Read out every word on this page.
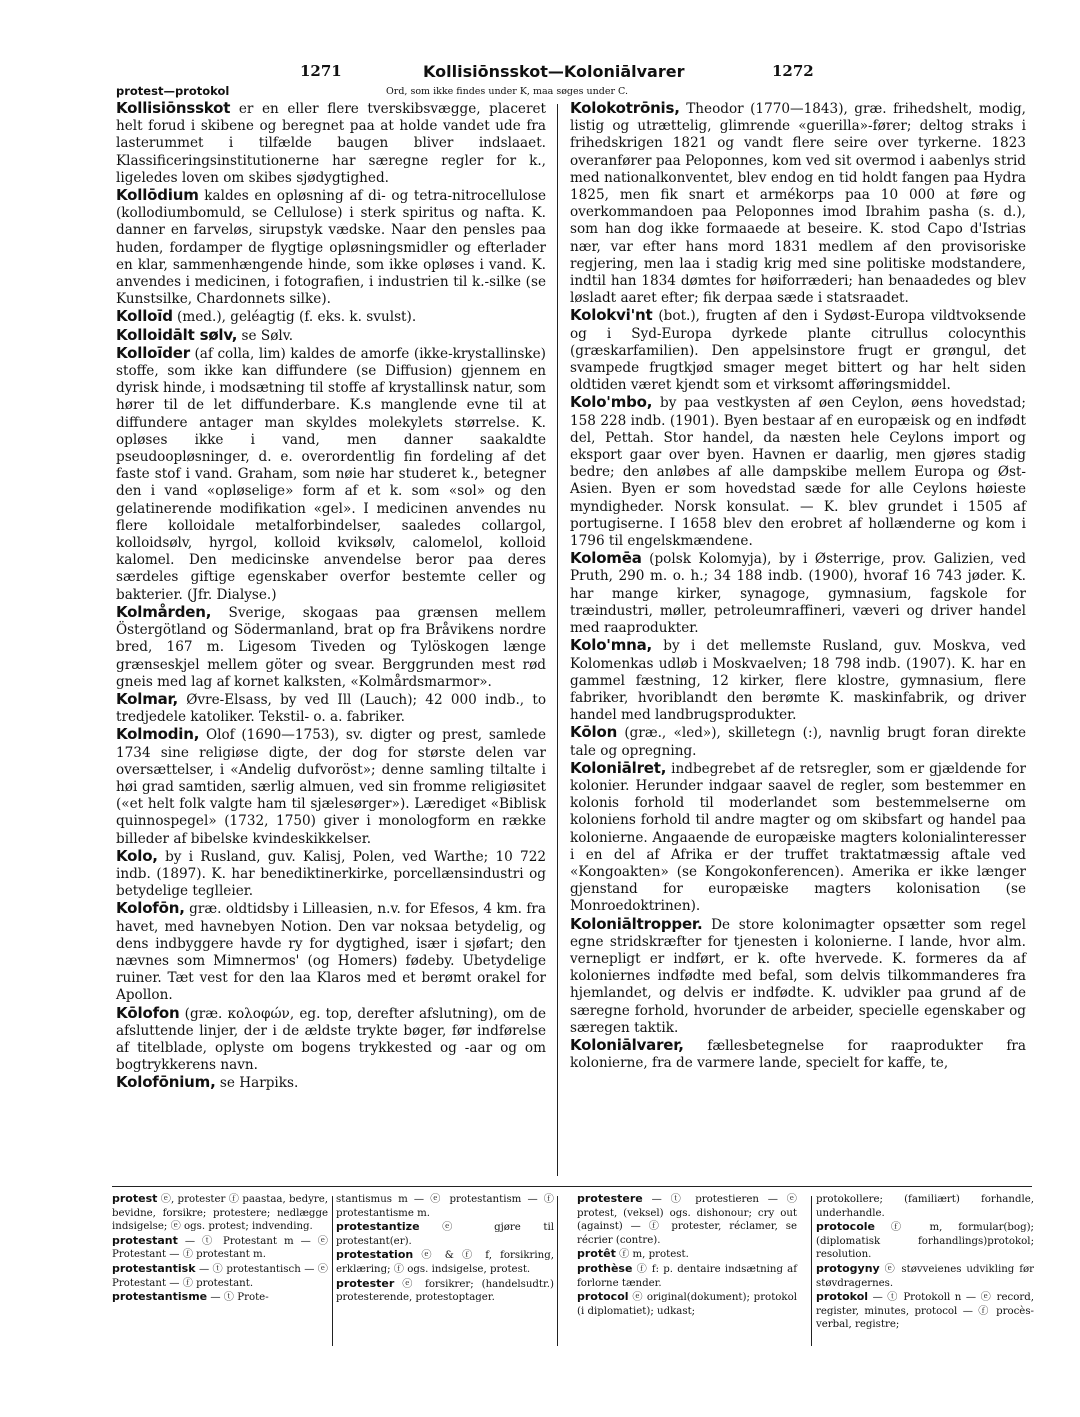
1271	Kollisiōnsskot—Koloniālvarer	1272
protest—protokol	Ord, som ikke findes under K, maa søges under C.

Kollisiōnsskot er en eller flere tverskibsvægge, placeret helt forud i skibene og beregnet paa at holde vandet ude fra lasterummet i tilfælde baugen bliver indslaaet. Klassificeringsinstitutionerne har særegne regler for k., ligeledes loven om skibes sjødygtighed.

Kollōdium kaldes en opløsning af di- og tetra-nitrocellulose (kollodiumbomuld, se Cellulose) i sterk spiritus og nafta. K. danner en farveløs, sirupstyk vædske. Naar den pensles paa huden, fordamper de flygtige opløsningsmidler og efterlader en klar, sammenhængende hinde, som ikke opløses i vand. K. anvendes i medicinen, i fotografien, i industrien til k.-silke (se Kunstsilke, Chardonnets silke).

Kolloīd (med.), geléagtig (f. eks. k. svulst).

Kolloidālt sølv, se Sølv.

Kolloīder (af colla, lim) kaldes de amorfe (ikke-krystallinske) stoffe, som ikke kan diffundere (se Diffusion) gjennem en dyrisk hinde, i modsætning til stoffe af krystallinsk natur, som hører til de let diffunderbare. K.s manglende evne til at diffundere antager man skyldes molekylets størrelse. K. opløses ikke i vand, men danner saakaldte pseudoopløsninger, d. e. overordentlig fin fordeling af det faste stof i vand. Graham, som nøie har studeret k., betegner den i vand «opløselige» form af et k. som «sol» og den gelatinerende modifikation «gel». I medicinen anvendes nu flere kolloidale metalforbindelser, saaledes collargol, kolloidsølv, hyrgol, kolloid kviksølv, calomelol, kolloid kalomel. Den medicinske anvendelse beror paa deres særdeles giftige egenskaber overfor bestemte celler og bakterier. (Jfr. Dialyse.)

Kolmården, Sverige, skogaas paa grænsen mellem Östergötland og Södermanland, brat op fra Bråvikens nordre bred, 167 m. Ligesom Tiveden og Tylöskogen længe grænseskjel mellem göter og svear. Berggrunden mest rød gneis med lag af kornet kalksten, «Kolmårdsmarmor».

Kolmar, Øvre-Elsass, by ved Ill (Lauch); 42 000 indb., to tredjedele katoliker. Tekstil- o. a. fabriker.

Kolmodin, Olof (1690—1753), sv. digter og prest, samlede 1734 sine religiøse digte, der dog for største delen var oversættelser, i «Andelig dufvoröst»; denne samling tiltalte i høi grad samtiden, særlig almuen, ved sin fromme religiøsitet («et helt folk valgte ham til sjælesørger»). Lærediget «Biblisk quinnospegel» (1732, 1750) giver i monologform en række billeder af bibelske kvindeskikkelser.

Kolo, by i Rusland, guv. Kalisj, Polen, ved Warthe; 10 722 indb. (1897). K. har benediktinerkirke, porcellænsindustri og betydelige teglleier.

Kolofōn, græ. oldtidsby i Lilleasien, n.v. for Efesos, 4 km. fra havet, med havnebyen Notion. Den var noksaa betydelig, og dens indbyggere havde ry for dygtighed, især i sjøfart; den nævnes som Mimnermos' (og Homers) fødeby. Ubetydelige ruiner. Tæt vest for den laa Klaros med et berømt orakel for Apollon.

Kōlofon (græ. κολοφών, eg. top, derefter afslutning), om de afsluttende linjer, der i de ældste trykte bøger, før indførelse af titelblade, oplyste om bogens trykkested og -aar og om bogtrykkerens navn.

Kolofōnium, se Harpiks.

Kolokotrōnis, Theodor (1770—1843), græ. frihedshelt, modig, listig og utrættelig, glimrende «guerilla»-fører; deltog straks i frihedskrigen 1821 og vandt flere seire over tyrkerne. 1823 overanfører paa Peloponnes, kom ved sit overmod i aabenlys strid med nationalkonventet, blev endog en tid holdt fangen paa Hydra 1825, men fik snart et armékorps paa 10 000 at føre og overkommandoen paa Peloponnes imod Ibrahim pasha (s. d.), som han dog ikke formaaede at beseire. K. stod Capo d'Istrias nær, var efter hans mord 1831 medlem af den provisoriske regjering, men laa i stadig krig med sine politiske modstandere, indtil han 1834 dømtes for høiforræderi; han benaadedes og blev løsladt aaret efter; fik derpaa sæde i statsraadet.

Kolokvi'nt (bot.), frugten af den i Sydøst-Europa vildtvoksende og i Syd-Europa dyrkede plante citrullus colocynthis (græskarfamilien). Den appelsinstore frugt er grøngul, det svampede frugtkjød smager meget bittert og har helt siden oldtiden været kjendt som et virksomt afføringsmiddel.

Kolo'mbo, by paa vestkysten af øen Ceylon, øens hovedstad; 158 228 indb. (1901). Byen bestaar af en europæisk og en indfødt del, Pettah. Stor handel, da næsten hele Ceylons import og eksport gaar over byen. Havnen er daarlig, men gjøres stadig bedre; den anløbes af alle dampskibe mellem Europa og Øst-Asien. Byen er som hovedstad sæde for alle Ceylons høieste myndigheder. Norsk konsulat. — K. blev grundet i 1505 af portugiserne. I 1658 blev den erobret af hollænderne og kom i 1796 til engelskmændene.

Kolomēa (polsk Kolomyja), by i Østerrige, prov. Galizien, ved Pruth, 290 m. o. h.; 34 188 indb. (1900), hvoraf 16 743 jøder. K. har mange kirker, synagoge, gymnasium, fagskole for træindustri, møller, petroleumraffineri, væveri og driver handel med raaprodukter.

Kolo'mna, by i det mellemste Rusland, guv. Moskva, ved Kolomenkas udløb i Moskvaelven; 18 798 indb. (1907). K. har en gammel fæstning, 12 kirker, flere klostre, gymnasium, flere fabriker, hvoriblandt den berømte K. maskinfabrik, og driver handel med landbrugsprodukter.

Kōlon (græ., «led»), skilletegn (:), navnlig brugt foran direkte tale og opregning.

Koloniālret, indbegrebet af de retsregler, som er gjældende for kolonier. Herunder indgaar saavel de regler, som bestemmer en kolonis forhold til moderlandet som bestemmelserne om koloniens forhold til andre magter og om skibsfart og handel paa kolonierne. Angaaende de europæiske magters kolonialinteresser i en del af Afrika er der truffet traktatmæssig aftale ved «Kongoakten» (se Kongokonferencen). Amerika er ikke længer gjenstand for europæiske magters kolonisation (se Monroedoktrinen).

Koloniāltropper. De store kolonimagter opsætter som regel egne stridskræfter for tjenesten i kolonierne. I lande, hvor alm. vernepligt er indført, er k. ofte hvervede. K. formeres da af koloniernes indfødte med befal, som delvis tilkommanderes fra hjemlandet, og delvis er indfødte. K. udvikler paa grund af de særegne forhold, hvorunder de arbeider, specielle egenskaber og særegen taktik.

Koloniālvarer, fællesbetegnelse for raaprodukter fra kolonierne, fra de varmere lande, specielt for kaffe, te,

protest ⓔ, protester ⓕ paastaa, bedyre, bevidne, forsikre; protestere; nedlægge indsigelse; ⓔ ogs. protest; indvending.

protestant — ⓣ Protestant m — ⓔ Protestant — ⓕ protestant m.

protestantisk — ⓣ protestantisch — ⓔ Protestant — ⓕ protestant.

protestantisme — ⓣ Prote-

stantismus m — ⓔ protestantism — ⓕ protestantisme m.

protestantize ⓔ gjøre til protestant(er).

protestation ⓔ & ⓕ f, forsikring, erklæring; ⓕ ogs. indsigelse, protest.

protester ⓔ forsikrer; (handelsudtr.) protesterende, protestoptager.

protestere — ⓣ protestieren — ⓔ protest, (veksel) ogs. dishonour; cry out (against) — ⓕ protester, réclamer, se récrier (contre).

protêt ⓕ m, protest.

prothèse ⓕ f: p. dentaire indsætning af forlorne tænder.

protocol ⓔ original(dokument); protokol (i diplomatiet); udkast;

protokollere; (familiært) forhandle, underhandle.

protocole ⓕ m, formular(bog); (diplomatisk forhandlings)protokol; resolution.

protogyny ⓔ støvveienes udvikling før støvdragernes.

protokol — ⓣ Protokoll n — ⓔ record, register, minutes, protocol — ⓕ procès-verbal, registre;
